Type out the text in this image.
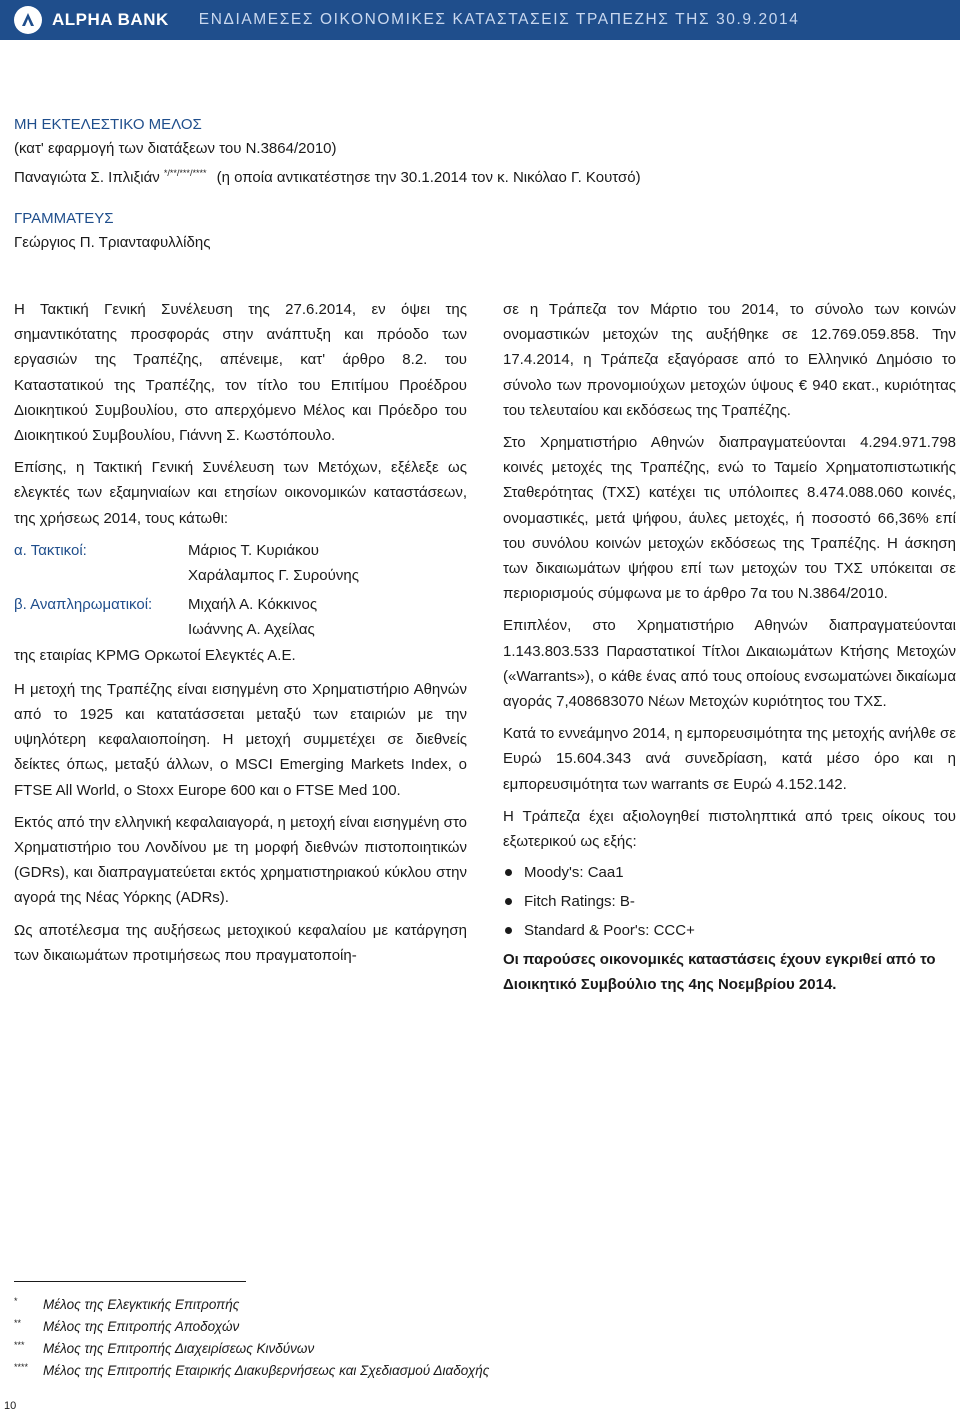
ALPHA BANK ΕΝΔΙΑΜΕΣΕΣ ΟΙΚΟΝΟΜΙΚΕΣ ΚΑΤΑΣΤΑΣΕΙΣ ΤΡΑΠΕΖΗΣ ΤΗΣ 30.9.2014
ΜΗ ΕΚΤΕΛΕΣΤΙΚΟ ΜΕΛΟΣ
(κατ' εφαρμογή των διατάξεων του Ν.3864/2010)
Παναγιώτα Σ. Ιπλιξιάν */**/***/**** (η οποία αντικατέστησε την 30.1.2014 τον κ. Νικόλαο Γ. Κουτσό)
ΓΡΑΜΜΑΤΕΥΣ
Γεώργιος Π. Τριανταφυλλίδης

Η Τακτική Γενική Συνέλευση της 27.6.2014, εν όψει της σημαντικότατης προσφοράς στην ανάπτυξη και πρόοδο των εργασιών της Τραπέζης, απένειμε, κατ' άρθρο 8.2. του Καταστατικού της Τραπέζης, τον τίτλο του Επιτίμου Προέδρου Διοικητικού Συμβουλίου, στο απερχόμενο Μέλος και Πρόεδρο του Διοικητικού Συμβουλίου, Γιάννη Σ. Κωστόπουλο.

Επίσης, η Τακτική Γενική Συνέλευση των Μετόχων, εξέλεξε ως ελεγκτές των εξαμηνιαίων και ετησίων οικονομικών καταστάσεων, της χρήσεως 2014, τους κάτωθι:

α. Τακτικοί:	Μάριος Τ. Κυριάκου
Χαράλαμπος Γ. Συρούνης
β. Αναπληρωματικοί:	Μιχαήλ Α. Κόκκινος
Ιωάννης Α. Αχείλας

της εταιρίας KPMG Ορκωτοί Ελεγκτές Α.Ε.

Η μετοχή της Τραπέζης είναι εισηγμένη στο Χρηματιστήριο Αθηνών από το 1925 και κατατάσσεται μεταξύ των εταιριών με την υψηλότερη κεφαλαιοποίηση. Η μετοχή συμμετέχει σε διεθνείς δείκτες όπως, μεταξύ άλλων, ο MSCI Emerging Markets Index, ο FTSE All World, ο Stoxx Europe 600 και ο FTSE Med 100.

Εκτός από την ελληνική κεφαλαιαγορά, η μετοχή είναι εισηγμένη στο Χρηματιστήριο του Λονδίνου με τη μορφή διεθνών πιστοποιητικών (GDRs), και διαπραγματεύεται εκτός χρηματιστηριακού κύκλου στην αγορά της Νέας Υόρκης (ADRs).

Ως αποτέλεσμα της αυξήσεως μετοχικού κεφαλαίου με κατάργηση των δικαιωμάτων προτιμήσεως που πραγματοποίη-

σε η Τράπεζα τον Μάρτιο του 2014, το σύνολο των κοινών ονομαστικών μετοχών της αυξήθηκε σε 12.769.059.858. Την 17.4.2014, η Τράπεζα εξαγόρασε από το Ελληνικό Δημόσιο το σύνολο των προνομιούχων μετοχών ύψους € 940 εκατ., κυριότητας του τελευταίου και εκδόσεως της Τραπέζης.

Στο Χρηματιστήριο Αθηνών διαπραγματεύονται 4.294.971.798 κοινές μετοχές της Τραπέζης, ενώ το Ταμείο Χρηματοπιστωτικής Σταθερότητας (ΤΧΣ) κατέχει τις υπόλοιπες 8.474.088.060 κοινές, ονομαστικές, μετά ψήφου, άυλες μετοχές, ή ποσοστό 66,36% επί του συνόλου κοινών μετοχών εκδόσεως της Τραπέζης. Η άσκηση των δικαιωμάτων ψήφου επί των μετοχών του ΤΧΣ υπόκειται σε περιορισμούς σύμφωνα με το άρθρο 7α του Ν.3864/2010.

Επιπλέον, στο Χρηματιστήριο Αθηνών διαπραγματεύονται 1.143.803.533 Παραστατικοί Τίτλοι Δικαιωμάτων Κτήσης Μετοχών («Warrants»), ο κάθε ένας από τους οποίους ενσωματώνει δικαίωμα αγοράς 7,408683070 Νέων Μετοχών κυριότητος του ΤΧΣ.

Κατά το εννεάμηνο 2014, η εμπορευσιμότητα της μετοχής ανήλθε σε Ευρώ 15.604.343 ανά συνεδρίαση, κατά μέσο όρο και η εμπορευσιμότητα των warrants σε Ευρώ 4.152.142.

Η Τράπεζα έχει αξιολογηθεί πιστοληπτικά από τρεις οίκους του εξωτερικού ως εξής:

Moody's: Caa1
Fitch Ratings: B-
Standard & Poor's: CCC+

Οι παρούσες οικονομικές καταστάσεις έχουν εγκριθεί από το Διοικητικό Συμβούλιο της 4ης Νοεμβρίου 2014.

*	Μέλος της Ελεγκτικής Επιτροπής
**	Μέλος της Επιτροπής Αποδοχών
***	Μέλος της Επιτροπής Διαχειρίσεως Κινδύνων
****	Μέλος της Επιτροπής Εταιρικής Διακυβερνήσεως και Σχεδιασμού Διαδοχής
10
